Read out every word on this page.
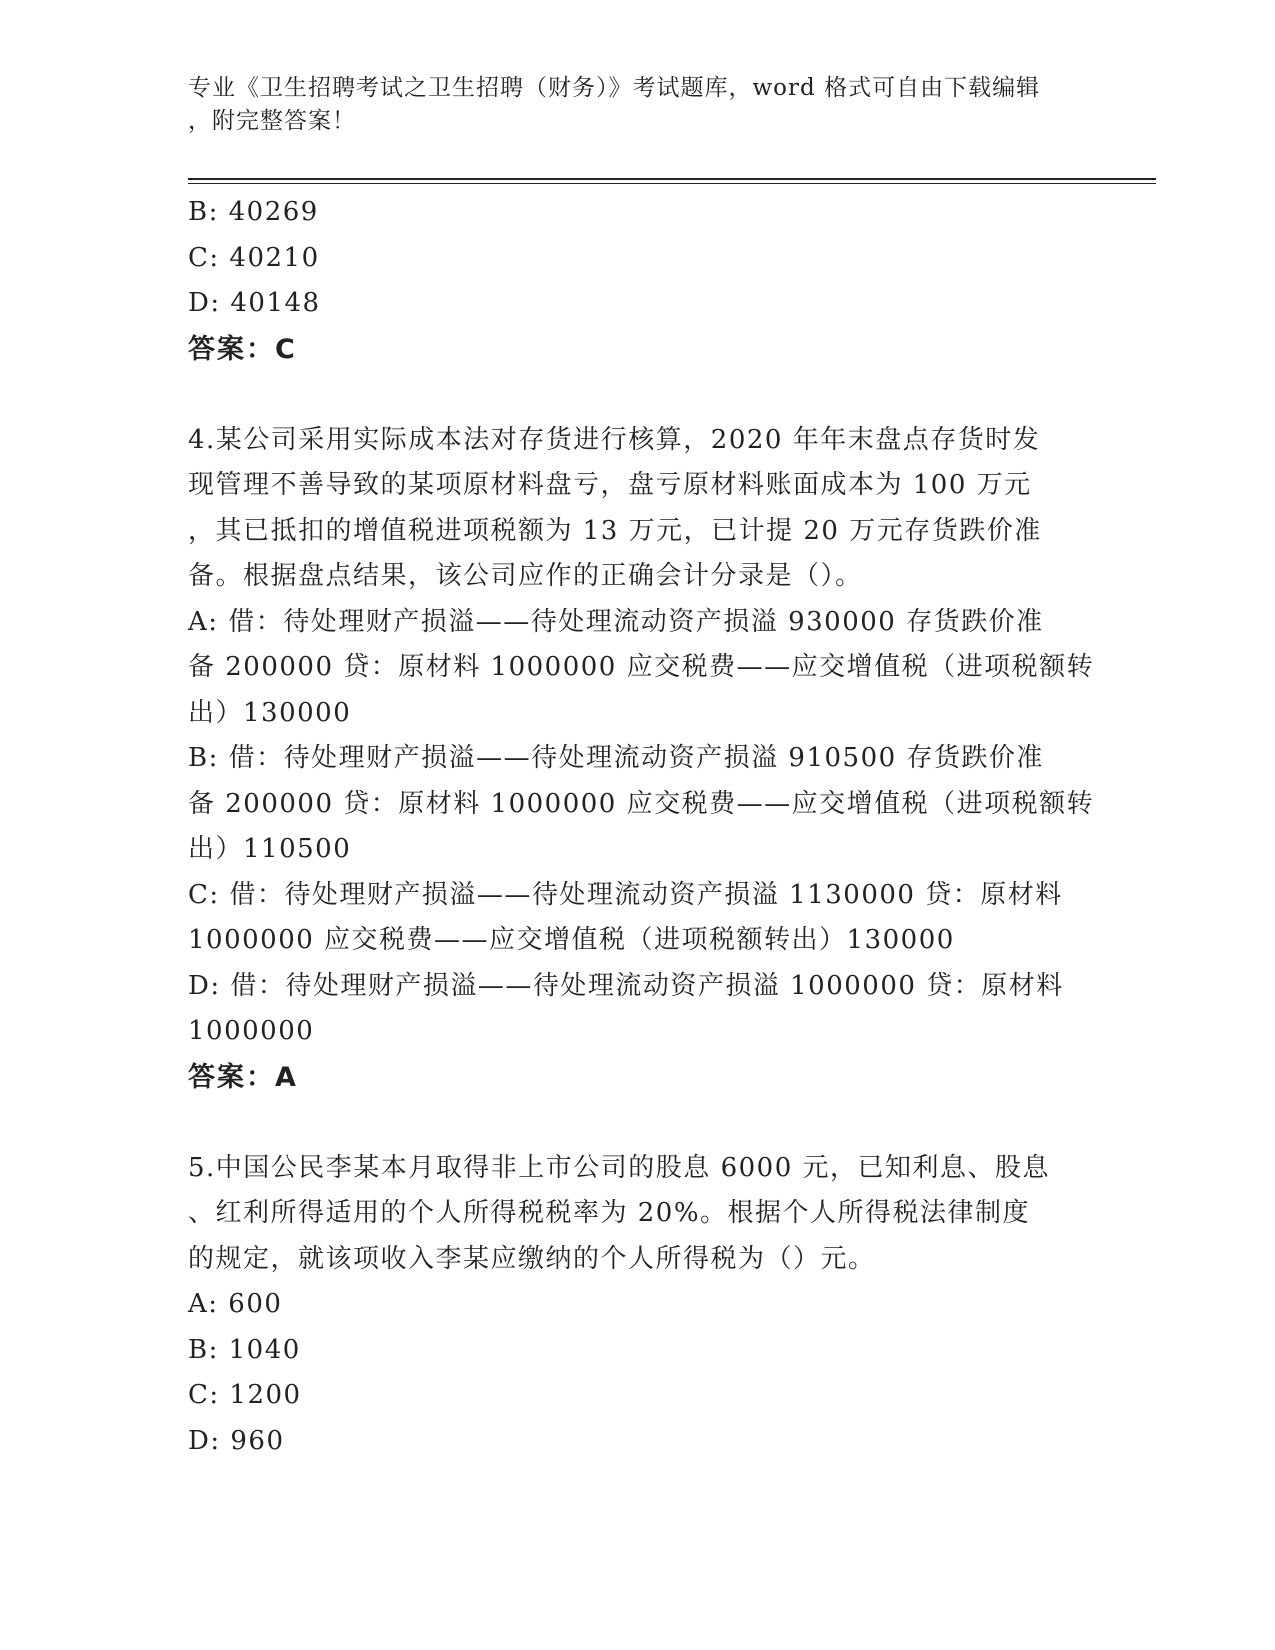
专业《卫生招聘考试之卫生招聘（财务）》考试题库，word 格式可自由下载编辑
，附完整答案！
B: 40269
C: 40210
D: 40148
答案：C
4.某公司采用实际成本法对存货进行核算，2020 年年末盘点存货时发
现管理不善导致的某项原材料盘亏，盘亏原材料账面成本为 100 万元
，其已抵扣的增值税进项税额为 13 万元，已计提 20 万元存货跌价准
备。根据盘点结果，该公司应作的正确会计分录是（）。
A: 借：待处理财产损溢——待处理流动资产损溢 930000 存货跌价准
备 200000 贷：原材料 1000000 应交税费——应交增值税（进项税额转
出）130000
B: 借：待处理财产损溢——待处理流动资产损溢 910500 存货跌价准
备 200000 贷：原材料 1000000 应交税费——应交增值税（进项税额转
出）110500
C: 借：待处理财产损溢——待处理流动资产损溢 1130000 贷：原材料
1000000 应交税费——应交增值税（进项税额转出）130000
D: 借：待处理财产损溢——待处理流动资产损溢 1000000 贷：原材料
1000000
答案：A
5.中国公民李某本月取得非上市公司的股息 6000 元，已知利息、股息
、红利所得适用的个人所得税税率为 20%。根据个人所得税法律制度
的规定，就该项收入李某应缴纳的个人所得税为（）元。
A: 600
B: 1040
C: 1200
D: 960
